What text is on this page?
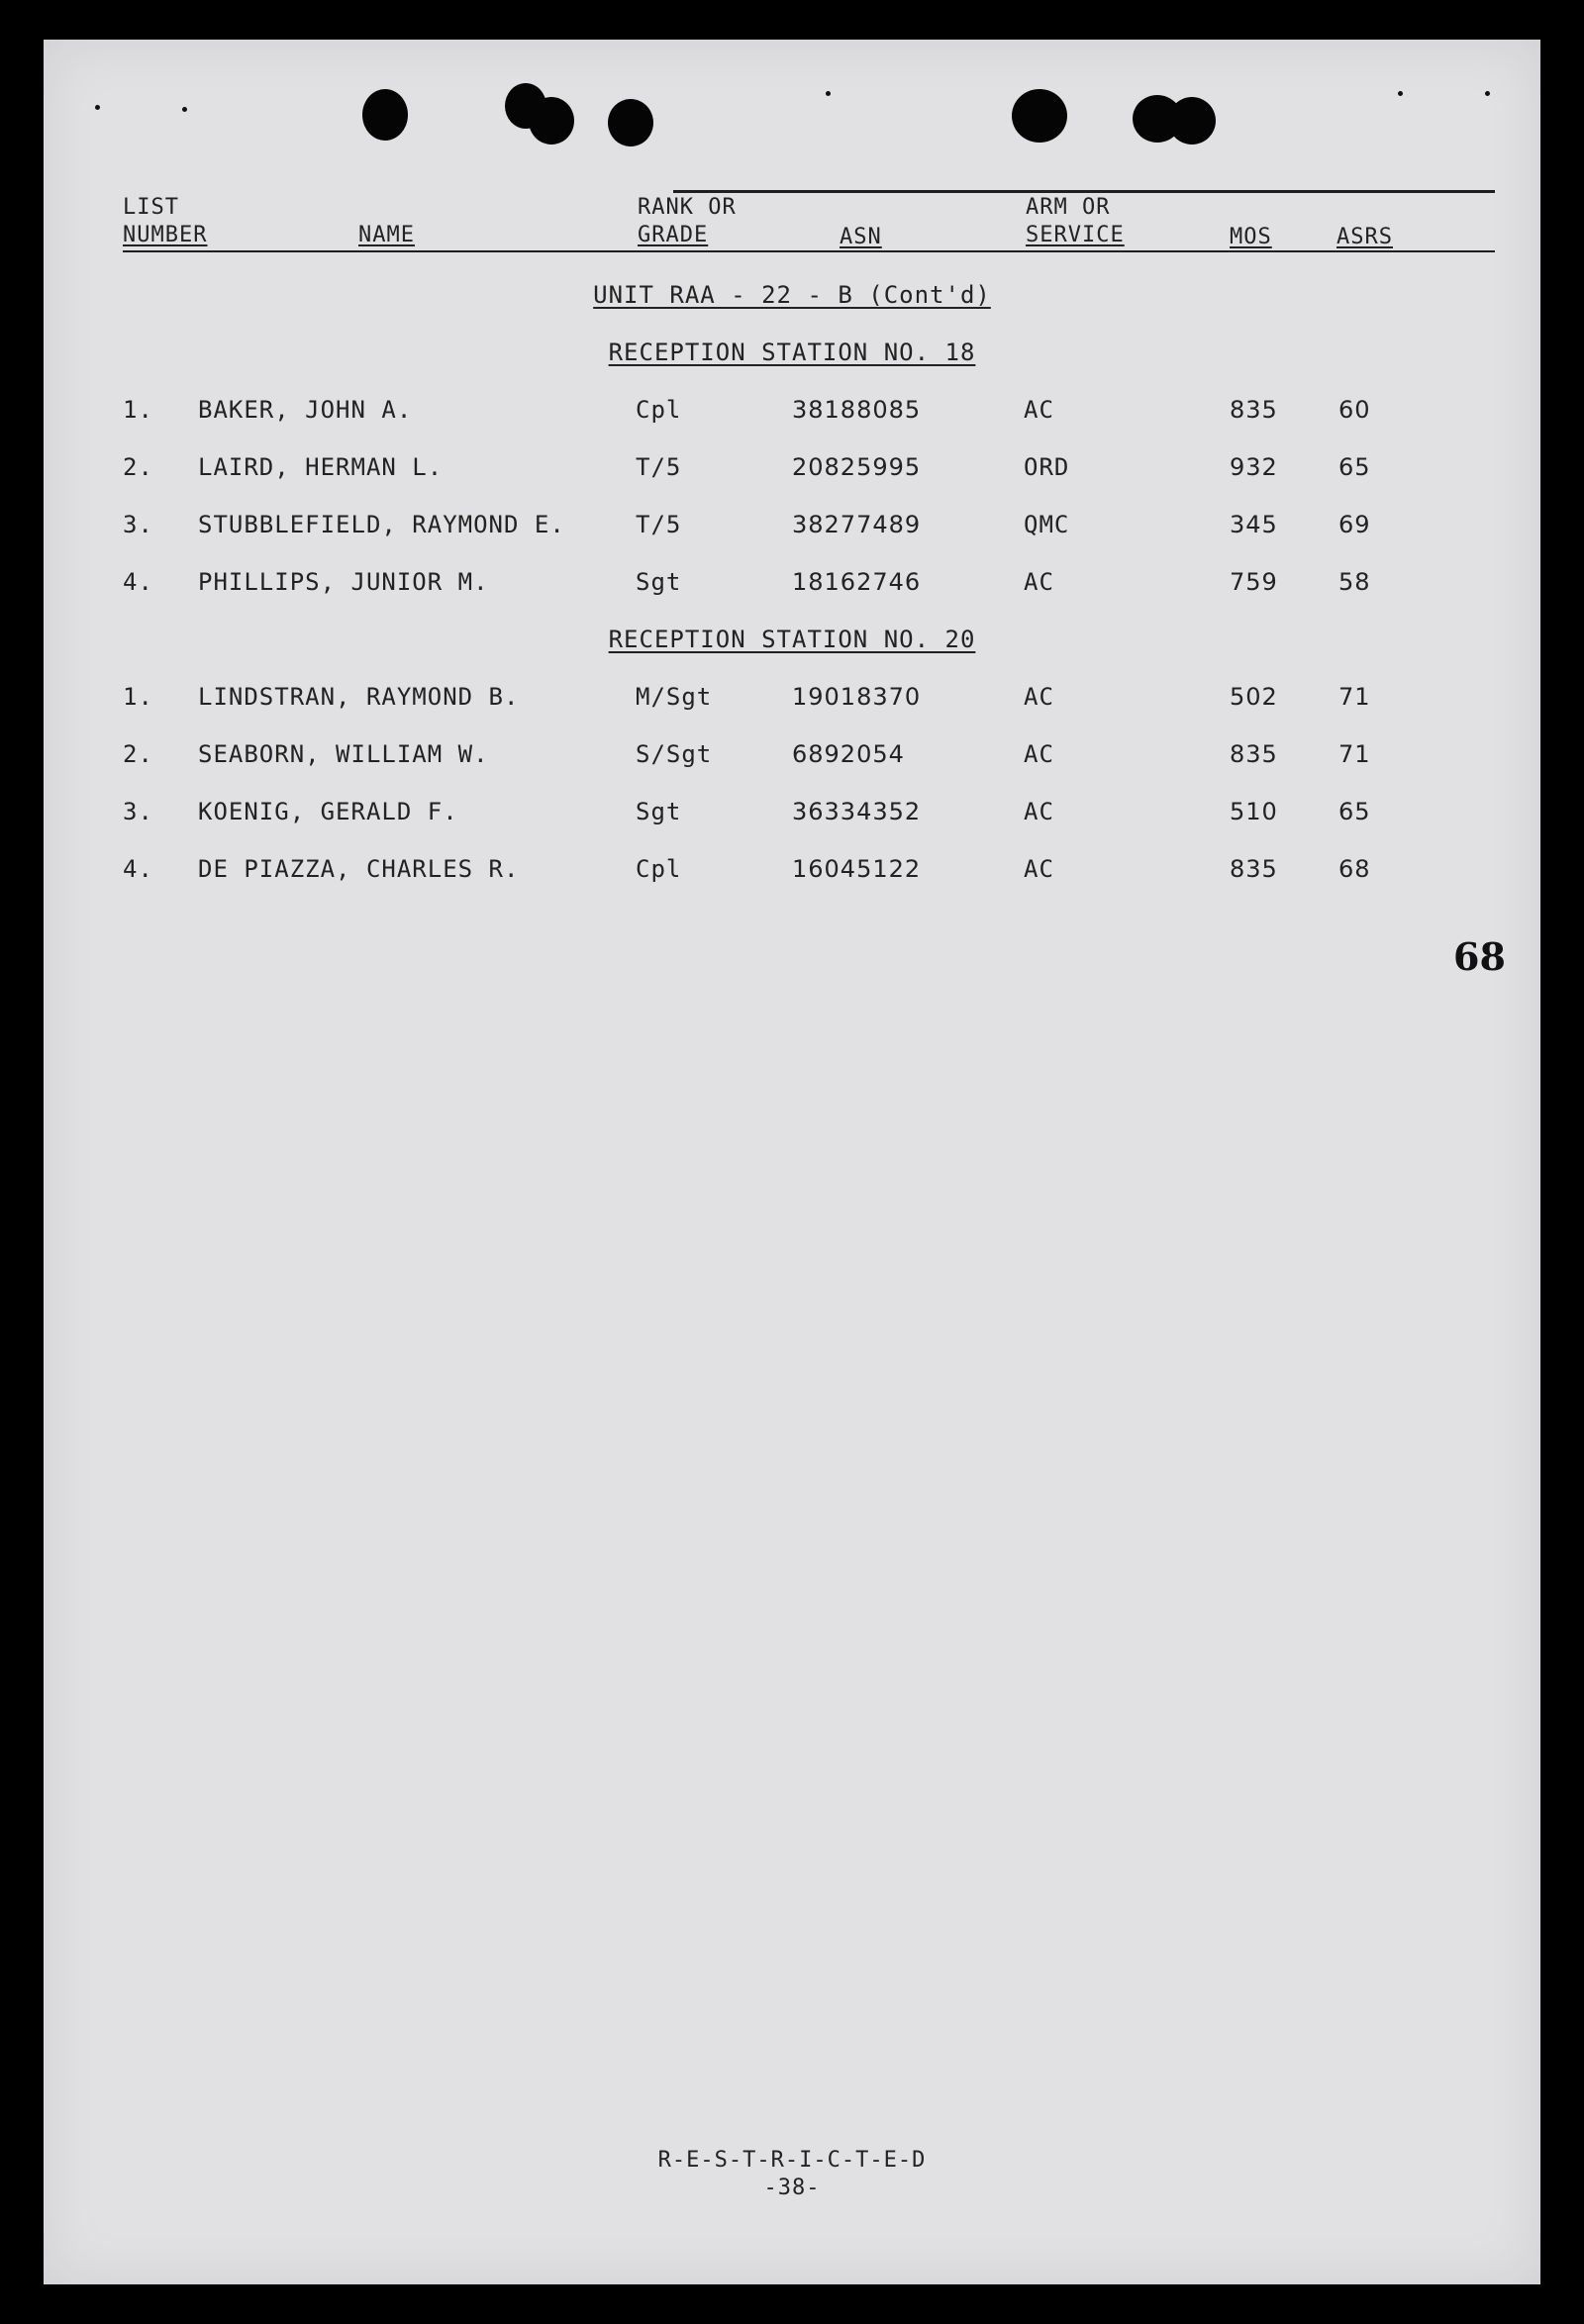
LIST
NUMBER	NAME
RANK OR
GRADE	ASN
ARM OR
SERVICE	MOS	ASRS
UNIT RAA - 22 - B (Cont'd)
RECEPTION STATION NO. 18
1. BAKER, JOHN A.	Cpl	38188085	AC	835	60
2. LAIRD, HERMAN L.	T/5	20825995	ORD	932	65
3. STUBBLEFIELD, RAYMOND E.	T/5	38277489	QMC	345	69
4. PHILLIPS, JUNIOR M.	Sgt	18162746	AC	759	58
RECEPTION STATION NO. 20
1. LINDSTRAN, RAYMOND B.	M/Sgt	19018370	AC	502	71
2. SEABORN, WILLIAM W.	S/Sgt	6892054	AC	835	71
3. KOENIG, GERALD F.	Sgt	36334352	AC	510	65
4. DE PIAZZA, CHARLES R.	Cpl	16045122	AC	835	68
68
R-E-S-T-R-I-C-T-E-D
-38-
